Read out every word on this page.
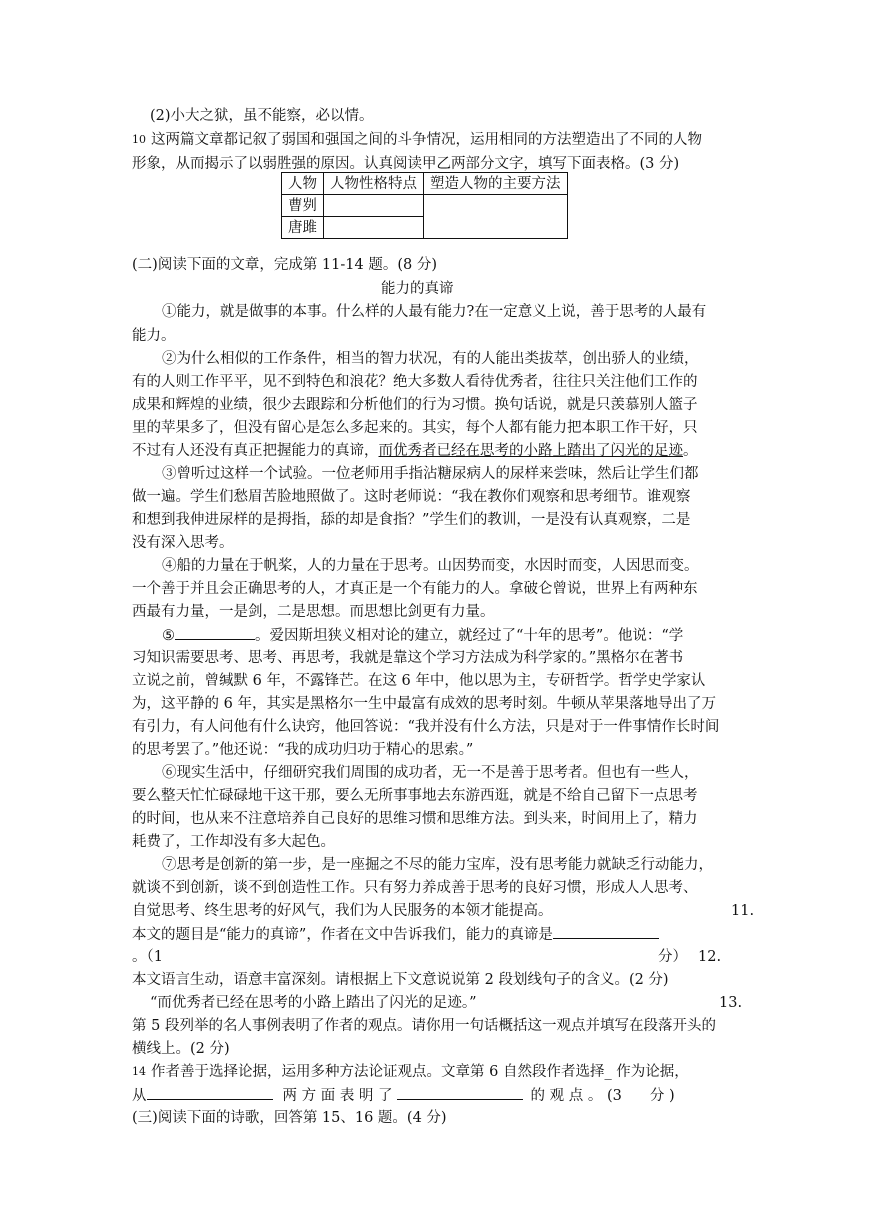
(2)小大之狱，虽不能察，必以情。
10 这两篇文章都记叙了弱国和强国之间的斗争情况，运用相同的方法塑造出了不同的人物
形象，从而揭示了以弱胜强的原因。认真阅读甲乙两部分文字，填写下面表格。(3 分)
人物	人物性格特点	塑造人物的主要方法
曹刿		
唐雎		
(二)阅读下面的文章，完成第 11-14 题。(8 分)
能力的真谛
①能力，就是做事的本事。什么样的人最有能力?在一定意义上说，善于思考的人最有
能力。
②为什么相似的工作条件，相当的智力状况，有的人能出类拔萃，创出骄人的业绩，
有的人则工作平平，见不到特色和浪花？绝大多数人看待优秀者，往往只关注他们工作的
成果和辉煌的业绩，很少去跟踪和分析他们的行为习惯。换句话说，就是只羡慕别人篮子
里的苹果多了，但没有留心是怎么多起来的。其实，每个人都有能力把本职工作干好，只
不过有人还没有真正把握能力的真谛，而优秀者已经在思考的小路上踏出了闪光的足迹。
③曾听过这样一个试验。一位老师用手指沾糖尿病人的尿样来尝味，然后让学生们都
做一遍。学生们愁眉苦脸地照做了。这时老师说：“我在教你们观察和思考细节。谁观察
和想到我伸进尿样的是拇指，舔的却是食指？”学生们的教训，一是没有认真观察，二是
没有深入思考。
④船的力量在于帆桨，人的力量在于思考。山因势而变，水因时而变，人因思而变。
一个善于并且会正确思考的人，才真正是一个有能力的人。拿破仑曾说，世界上有两种东
西最有力量，一是剑，二是思想。而思想比剑更有力量。
⑤	。爱因斯坦狭义相对论的建立，就经过了“十年的思考”。他说：“学
习知识需要思考、思考、再思考，我就是靠这个学习方法成为科学家的。”黑格尔在著书
立说之前，曾缄默 6 年，不露锋芒。在这 6 年中，他以思为主，专研哲学。哲学史学家认
为，这平静的 6 年，其实是黑格尔一生中最富有成效的思考时刻。牛顿从苹果落地导出了万
有引力，有人问他有什么诀窍，他回答说：“我并没有什么方法，只是对于一件事情作长时间
的思考罢了。”他还说：“我的成功归功于精心的思索。”
⑥现实生活中，仔细研究我们周围的成功者，无一不是善于思考者。但也有一些人，
要么整天忙忙碌碌地干这干那，要么无所事事地去东游西逛，就是不给自己留下一点思考
的时间，也从来不注意培养自己良好的思维习惯和思维方法。到头来，时间用上了，精力
耗费了，工作却没有多大起色。
⑦思考是创新的第一步，是一座掘之不尽的能力宝库，没有思考能力就缺乏行动能力，
就谈不到创新，谈不到创造性工作。只有努力养成善于思考的良好习惯，形成人人思考、
自觉思考、终生思考的好风气，我们为人民服务的本领才能提高。	11.
本文的题目是“能力的真谛”，作者在文中告诉我们，能力的真谛是
。（1	分） 12.
本文语言生动，语意丰富深刻。请根据上下文意说说第 2 段划线句子的含义。(2 分)
“而优秀者已经在思考的小路上踏出了闪光的足迹。”	13.
第 5 段列举的名人事例表明了作者的观点。请你用一句话概括这一观点并填写在段落开头的
横线上。(2 分)
14 作者善于选择论据，运用多种方法论证观点。文章第 6 自然段作者选择_ 作为论据，
从	两 方 面 表 明 了	的 观 点 。 (3 分 )
(三)阅读下面的诗歌，回答第 15、16 题。(4 分)
